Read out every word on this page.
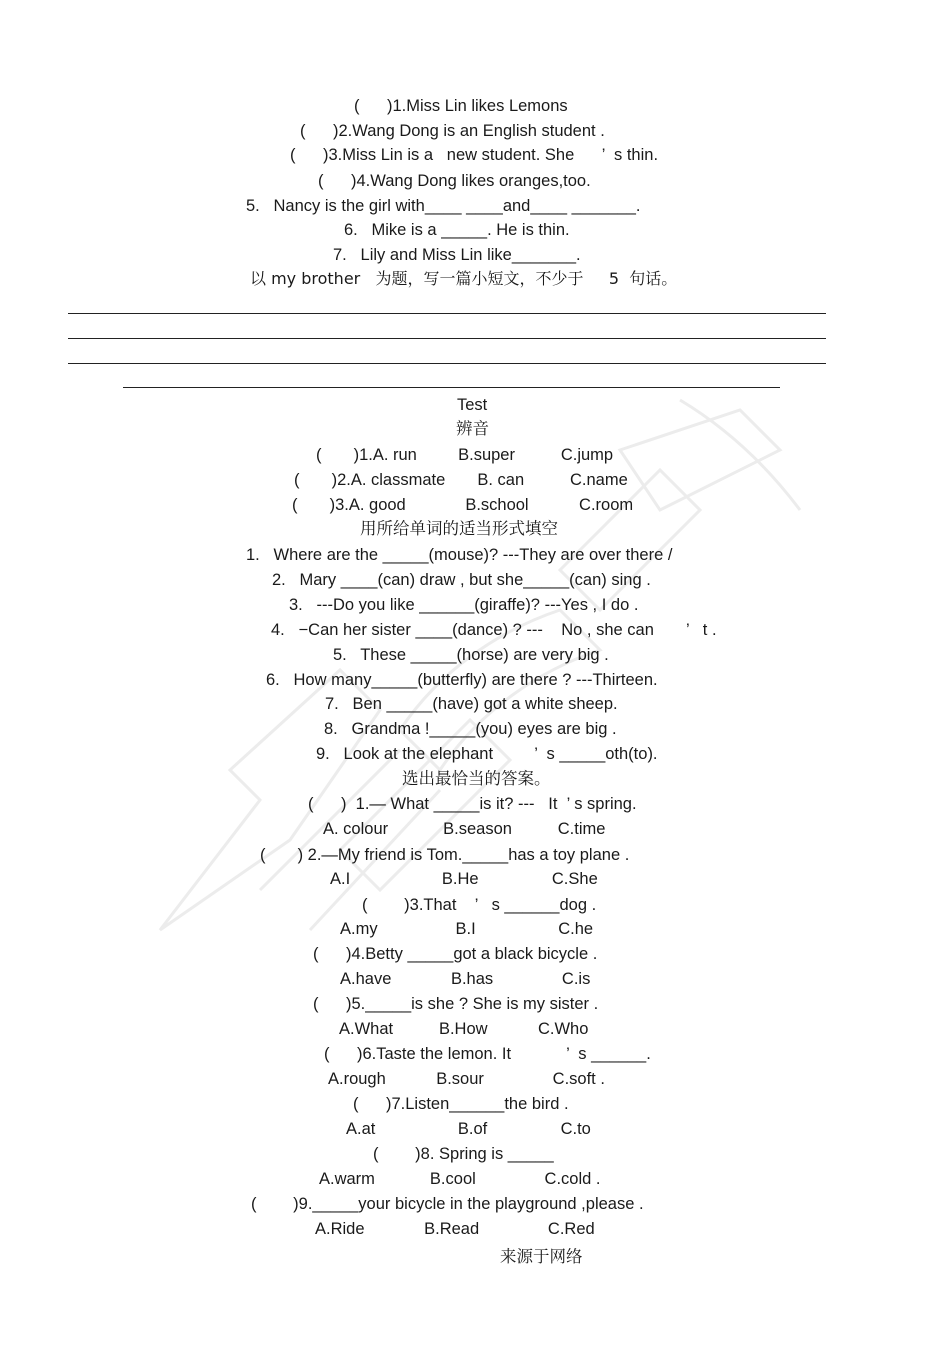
(      )1.Miss Lin likes Lemons
(      )2.Wang Dong is an English student .
(      )3.Miss Lin is a   new student. She      ’  s thin.
(      )4.Wang Dong likes oranges,too.
5.   Nancy is the girl with____ ____and____ _______.
6.   Mike is a _____. He is thin.
7.   Lily and Miss Lin like_______.
以 my brother   为题，写一篇小短文，不少于     5  句话。
Test
辨音
(       )1.A. run         B.super          C.jump
(       )2.A. classmate       B. can          C.name
(       )3.A. good             B.school           C.room
用所给单词的适当形式填空
1.   Where are the _____(mouse)? ---They are over there /
2.   Mary ____(can) draw , but she_____(can) sing .
3.   ---Do you like ______(giraffe)? ---Yes , I do .
4.   −Can her sister ____(dance) ? ---    No , she can       ’   t .
5.   These _____(horse) are very big .
6.   How many_____(butterfly) are there ? ---Thirteen.
7.   Ben _____(have) got a white sheep.
8.   Grandma !_____(you) eyes are big .
9.   Look at the elephant         ’  s _____oth(to).
选出最恰当的答案。
(      )  1.— What _____is it? ---   It  ’ s spring.
A. colour            B.season          C.time
(       ) 2.—My friend is Tom._____has a toy plane .
A.I                    B.He                C.She
(        )3.That    ’   s ______dog .
A.my                 B.I                  C.he
(      )4.Betty _____got a black bicycle .
A.have             B.has               C.is
(      )5._____is she ? She is my sister .
A.What          B.How           C.Who
(      )6.Taste the lemon. It            ’  s ______.
A.rough           B.sour               C.soft .
(      )7.Listen______the bird .
A.at                  B.of                C.to
(        )8. Spring is _____
A.warm            B.cool               C.cold .
(        )9._____your bicycle in the playground ,please .
A.Ride             B.Read               C.Red
来源于网络
